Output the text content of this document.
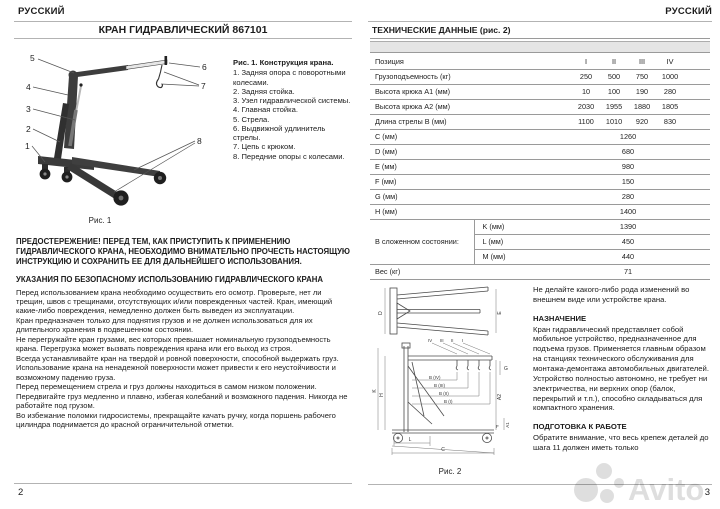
РУССКИЙ
КРАН ГИДРАВЛИЧЕСКИЙ 867101
5
4
3
2
1
6
7
8
Рис. 1
Рис. 1. Конструкция крана.
1. Задняя опора с поворотными колесами.
2. Задняя стойка.
3. Узел гидравлической системы.
4. Главная стойка.
5. Стрела.
6. Выдвижной удлинитель стрелы.
7. Цепь с крюком.
8. Передние опоры с колесами.
ПРЕДОСТЕРЕЖЕНИЕ! ПЕРЕД ТЕМ, КАК ПРИСТУПИТЬ К ПРИМЕНЕНИЮ ГИДРАВЛИЧЕСКОГО КРАНА, НЕОБХОДИМО ВНИМАТЕЛЬНО ПРОЧЕСТЬ НАСТОЯЩУЮ ИНСТРУКЦИЮ И СОХРАНИТЬ ЕЕ ДЛЯ ДАЛЬНЕЙШЕГО ИСПОЛЬЗОВАНИЯ.
УКАЗАНИЯ ПО БЕЗОПАСНОМУ ИСПОЛЬЗОВАНИЮ ГИДРАВЛИЧЕСКОГО КРАНА

Перед использованием крана необходимо осуществить его осмотр. Проверьте, нет ли трещин, швов с трещинами, отсутствующих и/или поврежденных частей. Кран, имеющий какие-либо повреждения, немедленно должен быть выведен из эксплуатации.

Кран предназначен только для поднятия грузов и не должен использоваться для их длительного хранения в подвешенном состоянии.

Не перегружайте кран грузами, вес которых превышает номинальную грузоподъемность крана. Перегрузка может вызвать повреждения крана или его выход из строя.

Всегда устанавливайте кран на твердой и ровной поверхности, способной выдержать груз. Использование крана на ненадежной поверхности может привести к его неустойчивости и возможному падению груза.

Перед перемещением стрела и груз должны находиться в самом низком положении. Передвигайте груз медленно и плавно, избегая колебаний и возможного падения. Никогда не работайте под грузом.

Во избежание поломки гидросистемы, прекращайте качать ручку, когда поршень рабочего цилиндра поднимается до красной ограничительной отметки.

2
РУССКИЙ
ТЕХНИЧЕСКИЕ ДАННЫЕ (рис. 2)
Позиция		I	II	III	IV	
Грузоподъемность (кг)		250	500	750	1000	
Высота крюка A1 (мм)		10	100	190	280	
Высота крюка A2 (мм)		2030	1955	1880	1805	
Длина стрелы B (мм)		1100	1010	920	830	
C (мм)		1260				
D (мм)		680				
E (мм)		980				
F (мм)		150				
G (мм)		280				
H (мм)		1400				
В сложенном состоянии:	K (мм)	1390				
	L (мм)	450				
	M (мм)	440				
Вес (кг)		71				
D	E
K
H
G
A2
A1
F
L
C
B (IV)
B (III)
B (II)
B (I)
IV III II I
Рис. 2

Не делайте какого-либо рода изменений во внешнем виде или устройстве крана.

НАЗНАЧЕНИЕ

Кран гидравлический представляет собой мобильное устройство, предназначенное для подъема грузов. Применяется главным образом на станциях технического обслуживания для монтажа-демонтажа автомобильных двигателей. Устройство полностью автономно, не требует ни электричества, ни верхних опор (балок, перекрытий и т.п.), способно складываться для компактного хранения.

ПОДГОТОВКА К РАБОТЕ

Обратите внимание, что весь крепеж деталей до шага 11 должен иметь только

Avito 3
